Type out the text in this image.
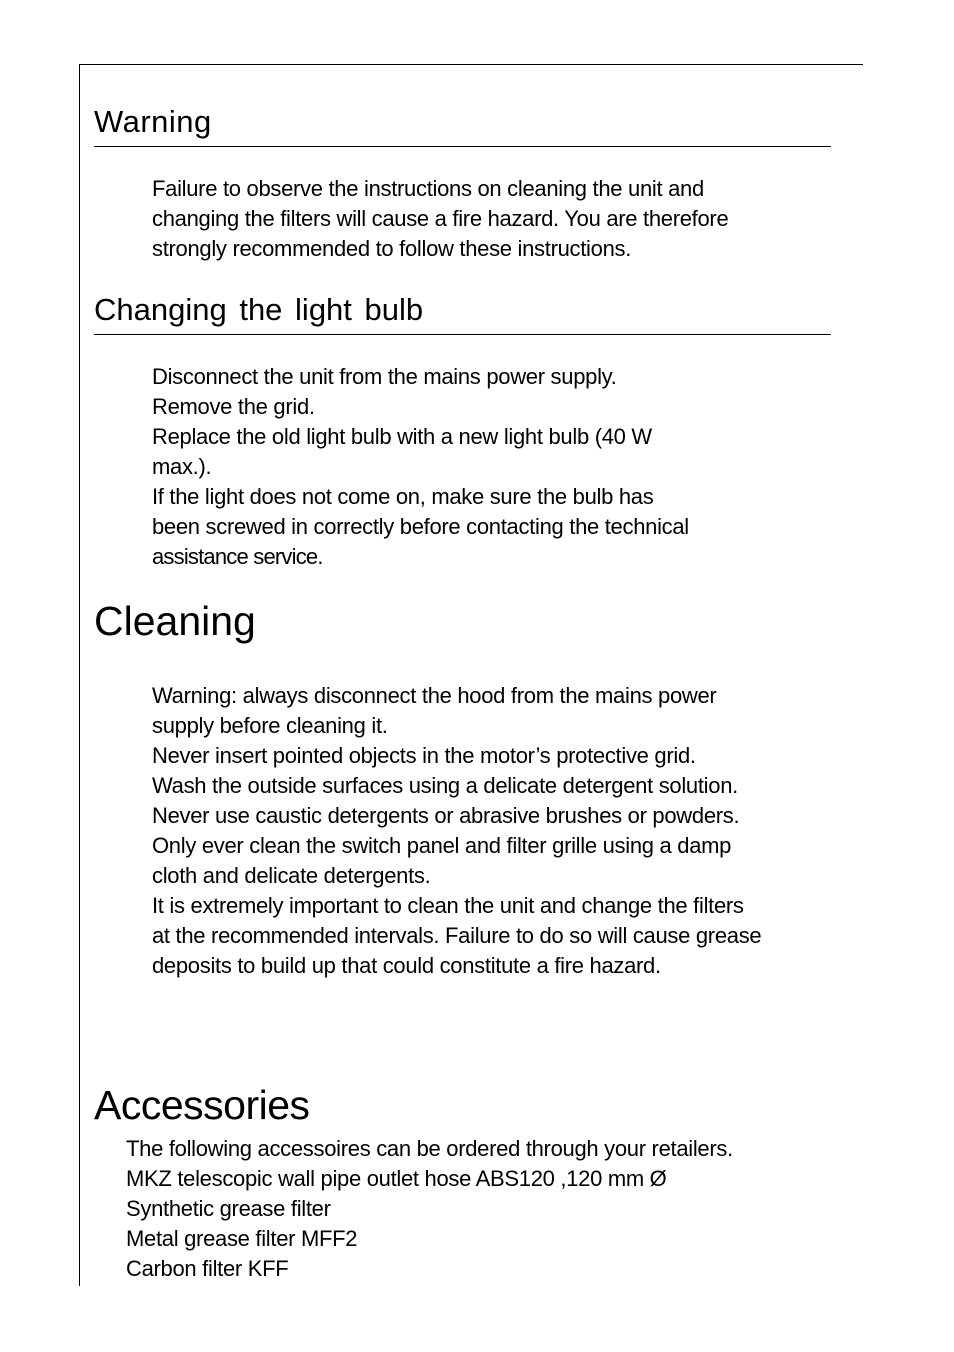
Warning
Failure to observe the instructions on cleaning the unit and
changing the filters will cause a fire hazard. You are therefore
strongly recommended to follow these instructions.
Changing the light bulb
Disconnect the unit from the mains power supply.
Remove the grid.
Replace the old light bulb with a new light bulb (40 W
max.).
If the light does not come on, make sure the bulb has
been screwed in correctly before contacting the technical
assistance service.
Cleaning
Warning: always disconnect the hood from the mains power
supply before cleaning it.
Never insert pointed objects in the motor’s protective grid.
Wash the outside surfaces using a delicate detergent solution.
Never use caustic detergents or abrasive brushes or powders.
Only ever clean the switch panel and filter grille using a damp
cloth and delicate detergents.
It is extremely important to clean the unit and change the filters
at the recommended intervals. Failure to do so will cause grease
deposits to build up that could constitute a fire hazard.
Accessories
The following accessoires can be ordered through your retailers.
MKZ telescopic wall pipe outlet hose ABS120 ,120 mm Ø
Synthetic grease filter
Metal grease filter MFF2
Carbon filter KFF
